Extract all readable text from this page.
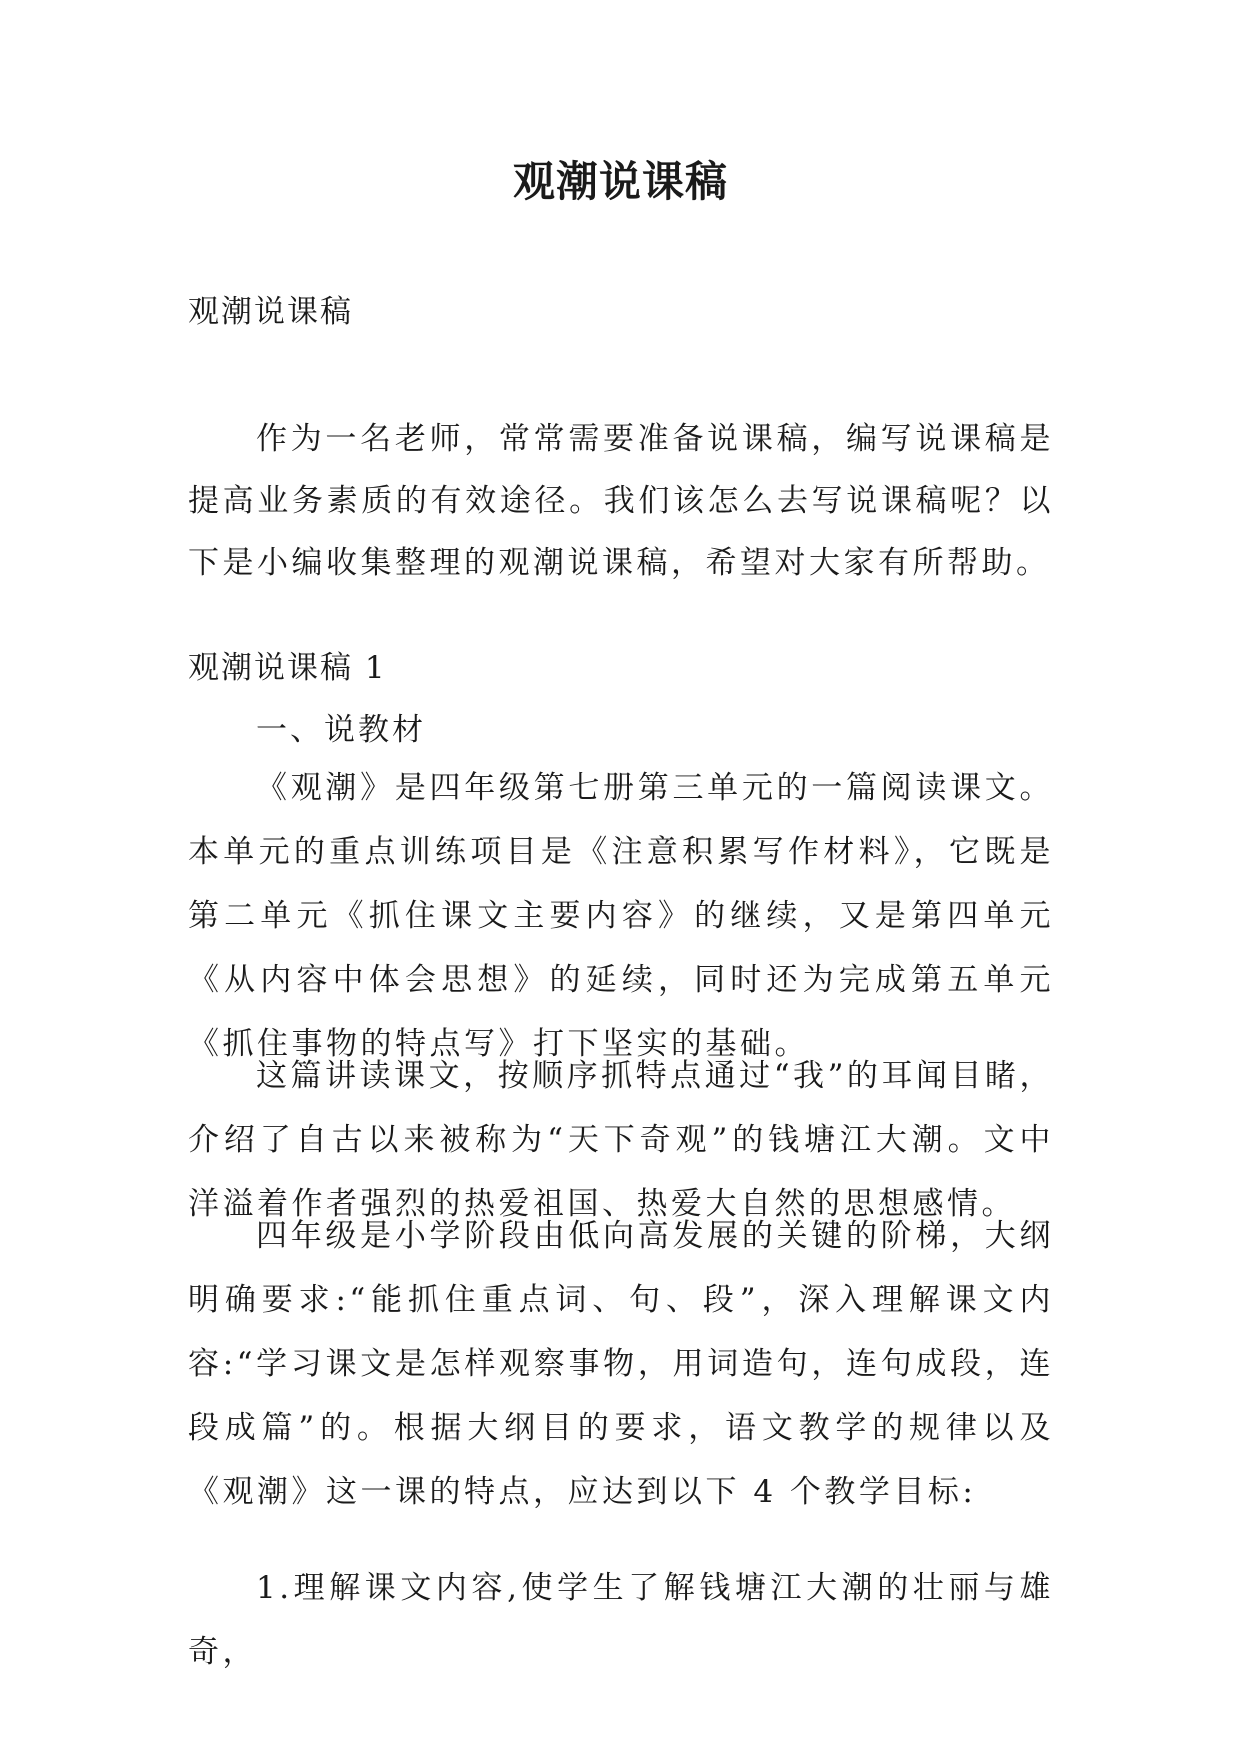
观潮说课稿
观潮说课稿

作为一名老师，常常需要准备说课稿，编写说课稿是提高业务素质的有效途径。我们该怎么去写说课稿呢？以下是小编收集整理的观潮说课稿，希望对大家有所帮助。

观潮说课稿 1
一、说教材

《观潮》是四年级第七册第三单元的一篇阅读课文。本单元的重点训练项目是《注意积累写作材料》，它既是第二单元《抓住课文主要内容》的继续，又是第四单元《从内容中体会思想》的延续，同时还为完成第五单元《抓住事物的特点写》打下坚实的基础。

这篇讲读课文，按顺序抓特点通过“我”的耳闻目睹，介绍了自古以来被称为“天下奇观”的钱塘江大潮。文中洋溢着作者强烈的热爱祖国、热爱大自然的思想感情。

四年级是小学阶段由低向高发展的关键的阶梯，大纲明确要求:“能抓住重点词、句、段”，深入理解课文内容:“学习课文是怎样观察事物，用词造句，连句成段，连段成篇”的。根据大纲目的要求，语文教学的规律以及《观潮》这一课的特点，应达到以下 4 个教学目标:

1.理解课文内容,使学生了解钱塘江大潮的壮丽与雄奇，
